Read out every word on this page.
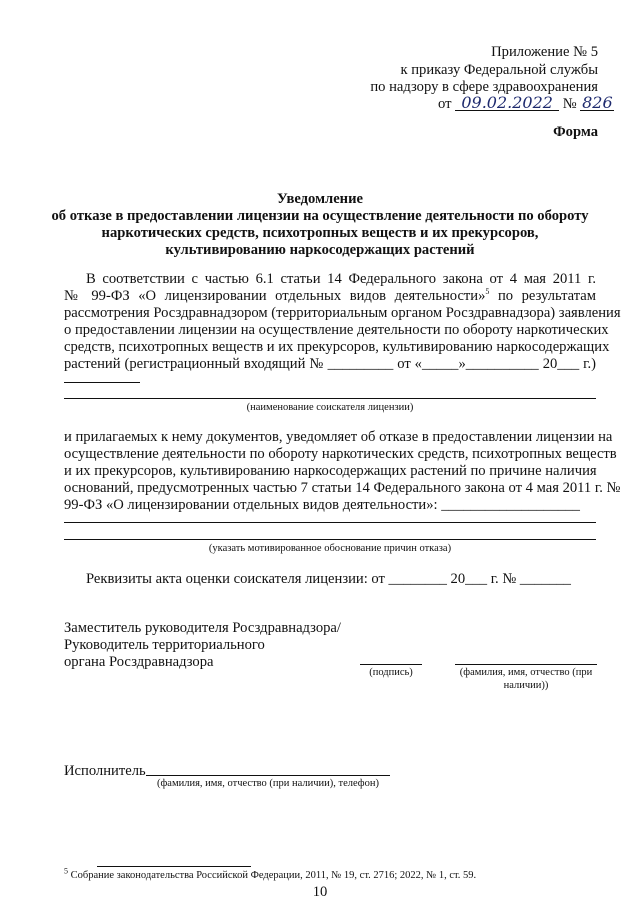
Приложение № 5
к приказу Федеральной службы
по надзору в сфере здравоохранения
от 09.02.2022 № 826
Форма
Уведомление
об отказе в предоставлении лицензии на осуществление деятельности по обороту
наркотических средств, психотропных веществ и их прекурсоров,
культивированию наркосодержащих растений
В соответствии с частью 6.1 статьи 14 Федерального закона от 4 мая 2011 г.
№ 99-ФЗ «О лицензировании отдельных видов деятельности»$^5$ по результатам
рассмотрения Росздравнадзором (территориальным органом Росздравнадзора) заявления
о предоставлении лицензии на осуществление деятельности по обороту наркотических
средств, психотропных веществ и их прекурсоров, культивированию наркосодержащих
растений (регистрационный входящий № _________ от «_____»__________ 20___ г.)
(наименование соискателя лицензии)
и прилагаемых к нему документов, уведомляет об отказе в предоставлении лицензии на
осуществление деятельности по обороту наркотических средств, психотропных веществ
и их прекурсоров, культивированию наркосодержащих растений по причине наличия
оснований, предусмотренных частью 7 статьи 14 Федерального закона от 4 мая 2011 г. №
99-ФЗ «О лицензировании отдельных видов деятельности»: ___________________
(указать мотивированное обоснование причин отказа)
Реквизиты акта оценки соискателя лицензии: от ________ 20___ г. № _______
Заместитель руководителя Росздравнадзора/
Руководитель территориального
органа Росздравнадзора
(подпись)	(фамилия, имя, отчество (при
наличии))
Исполнитель
(фамилия, имя, отчество (при наличии), телефон)
$^5$ Собрание законодательства Российской Федерации, 2011, № 19, ст. 2716; 2022, № 1, ст. 59.
10
